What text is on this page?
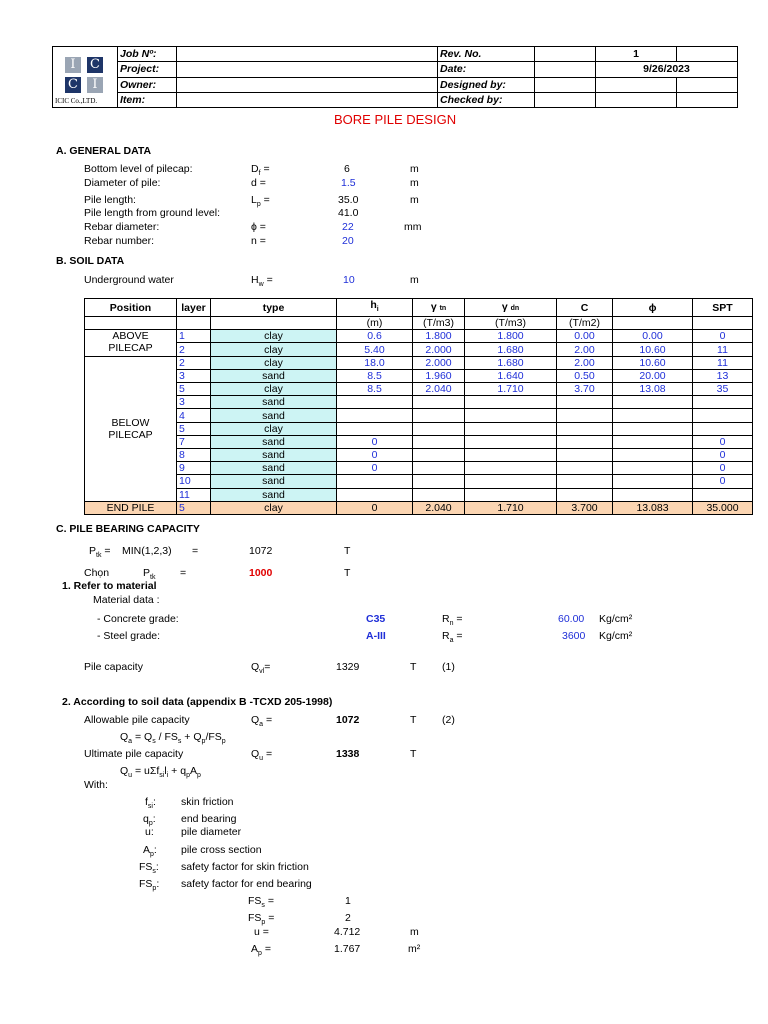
I C
C I
ICIC Co.,LTD.	Job Nº:		Rev. No.		1	
	Project:		Date:		9/26/2023	
	Owner:		Designed by:			
	Item:		Checked by:			
BORE PILE DESIGN
A. GENERAL DATA
Bottom level of pilecap:	$D_f$ =	6	m
Diameter of pile:	d =	1.5	m
Pile length:	$L_p$ =	35.0	m
Pile length from ground level:	41.0
Rebar diameter:	ϕ =	22	mm
Rebar number:	n =	20
B. SOIL DATA
Underground water	$H_w$ =	10	m
Position	layer	type	$h_i$	γ tn	γ dn	C	ϕ	SPT
			(m)	(T/m3)	(T/m3)	(T/m2)		
ABOVE
PILECAP	1	clay	0.6	1.800	1.800	0.00	0.00	0
	2	clay	5.40	2.000	1.680	2.00	10.60	11
BELOW
PILECAP	2	clay	18.0	2.000	1.680	2.00	10.60	11
	3	sand	8.5	1.960	1.640	0.50	20.00	13
	5	clay	8.5	2.040	1.710	3.70	13.08	35
	3	sand						
	4	sand						
	5	clay						
	7	sand	0					0
	8	sand	0					0
	9	sand	0					0
	10	sand						0
	11	sand						
END PILE	5	clay	0	2.040	1.710	3.700	13.083	35.000
C. PILE BEARING CAPACITY
$P_{tk} = MIN(1,2,3)$ =	1072	T
Chọn	$P_{tk}$ =	1000	T
1. Refer to material
Material data :
- Concrete grade:	C35	$R_n$ =	60.00 Kg/cm²
- Steel grade:	A-III	$R_a$ =	3600 Kg/cm²
Pile capacity	$Q_{vl}=$	1329	T (1)
2. According to soil data (appendix B -TCXD 205-1998)
Allowable pile capacity	$Q_a$ =	1072	T (2)
$Q_a = Q_s / FS_s + Q_p/FS_p$
Ultimate pile capacity	$Q_u$ =	1338	T
$Q_u = u\Sigma f_{si}l_i + q_pA_p$
With:
$f_{si}$: skin friction
$q_p$: end bearing
u:	pile diameter
$A_p$: pile cross section
$FS_s$: safety factor for skin friction
$FS_p$: safety factor for end bearing
$FS_s$ =	1
$FS_p$ =	2
u =	4.712	m
$A_p$ =	1.767	m²
